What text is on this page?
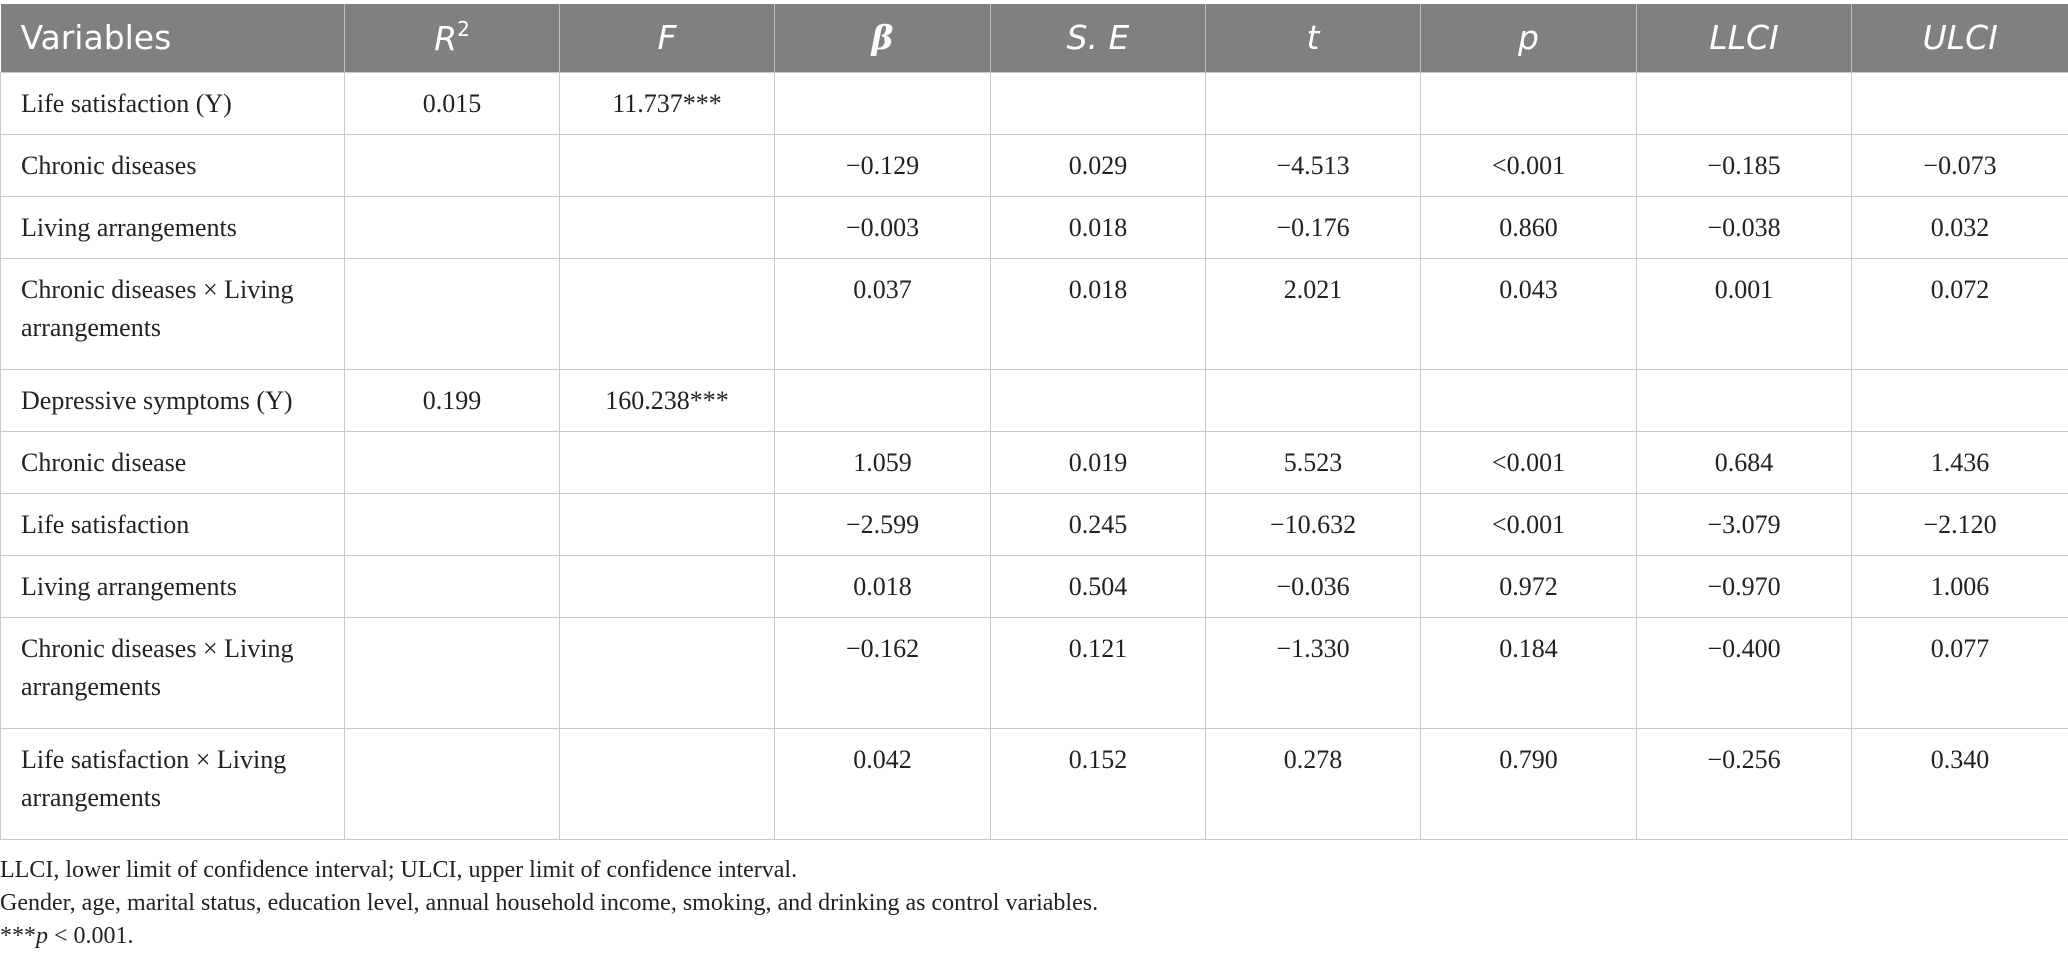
Variables	$R^2$	F	β	S. E	t	p	LLCI	ULCI
Life satisfaction (Y)	0.015	11.737***						
Chronic diseases			−0.129	0.029	−4.513	<0.001	−0.185	−0.073
Living arrangements			−0.003	0.018	−0.176	0.860	−0.038	0.032
Chronic diseases × Living arrangements			0.037	0.018	2.021	0.043	0.001	0.072
Depressive symptoms (Y)	0.199	160.238***						
Chronic disease			1.059	0.019	5.523	<0.001	0.684	1.436
Life satisfaction			−2.599	0.245	−10.632	<0.001	−3.079	−2.120
Living arrangements			0.018	0.504	−0.036	0.972	−0.970	1.006
Chronic diseases × Living arrangements			−0.162	0.121	−1.330	0.184	−0.400	0.077
Life satisfaction × Living arrangements			0.042	0.152	0.278	0.790	−0.256	0.340
LLCI, lower limit of confidence interval; ULCI, upper limit of confidence interval.
Gender, age, marital status, education level, annual household income, smoking, and drinking as control variables.
***p < 0.001.
